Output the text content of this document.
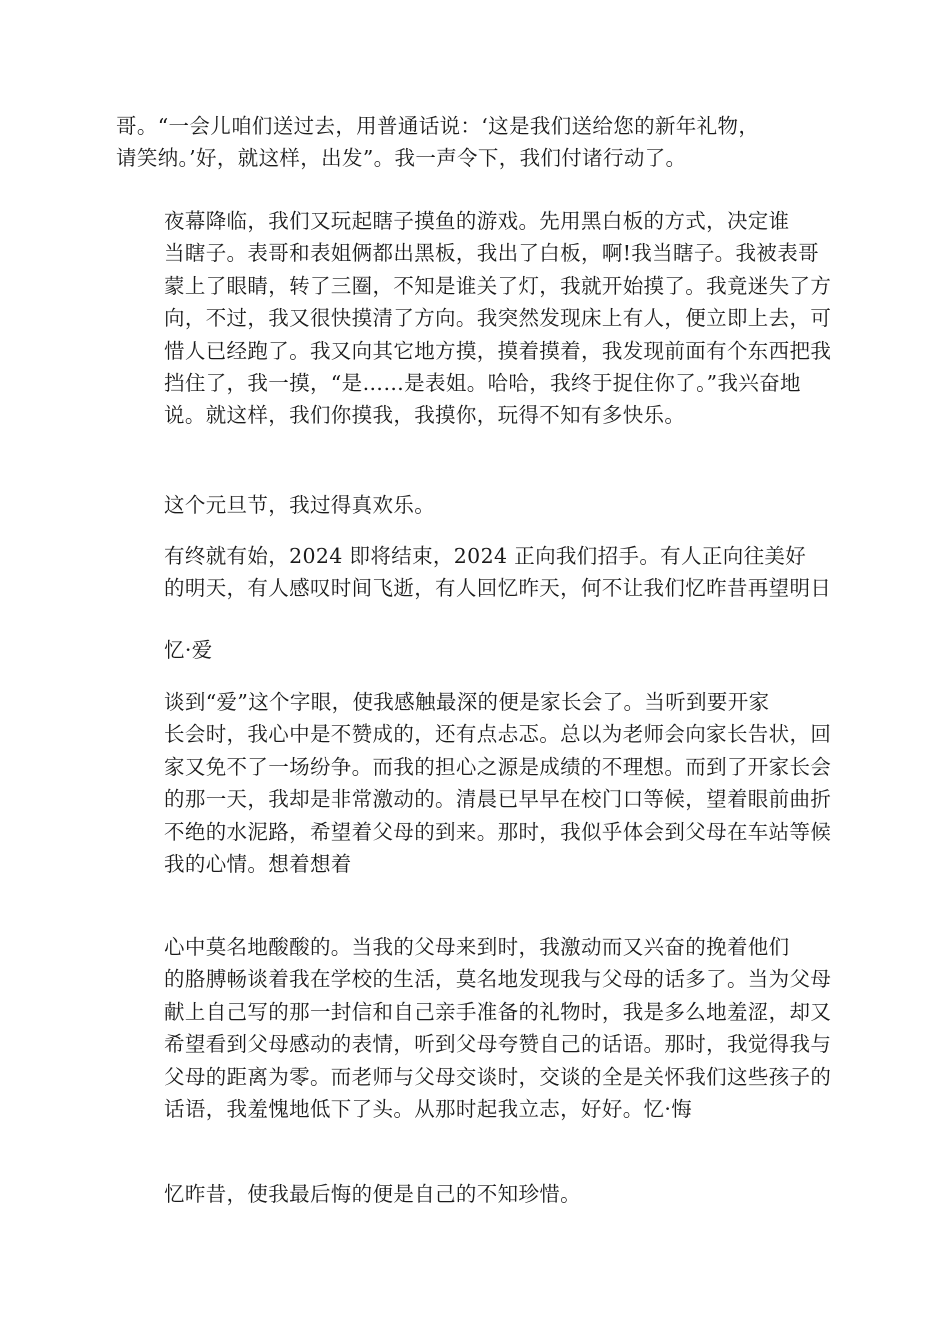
哥。“一会儿咱们送过去，用普通话说：‘这是我们送给您的新年礼物，
请笑纳。’好，就这样，出发”。我一声令下，我们付诸行动了。

夜幕降临，我们又玩起瞎子摸鱼的游戏。先用黑白板的方式，决定谁
当瞎子。表哥和表姐俩都出黑板，我出了白板，啊!我当瞎子。我被表哥
蒙上了眼睛，转了三圈，不知是谁关了灯，我就开始摸了。我竟迷失了方
向，不过，我又很快摸清了方向。我突然发现床上有人，便立即上去，可
惜人已经跑了。我又向其它地方摸，摸着摸着，我发现前面有个东西把我
挡住了，我一摸，“是……是表姐。哈哈，我终于捉住你了。”我兴奋地
说。就这样，我们你摸我，我摸你，玩得不知有多快乐。

这个元旦节，我过得真欢乐。

有终就有始，2024 即将结束，2024 正向我们招手。有人正向往美好
的明天，有人感叹时间飞逝，有人回忆昨天，何不让我们忆昨昔再望明日

忆·爱

谈到“爱”这个字眼，使我感触最深的便是家长会了。当听到要开家
长会时，我心中是不赞成的，还有点忐忑。总以为老师会向家长告状，回
家又免不了一场纷争。而我的担心之源是成绩的不理想。而到了开家长会
的那一天，我却是非常激动的。清晨已早早在校门口等候，望着眼前曲折
不绝的水泥路，希望着父母的到来。那时，我似乎体会到父母在车站等候
我的心情。想着想着

心中莫名地酸酸的。当我的父母来到时，我激动而又兴奋的挽着他们
的胳膊畅谈着我在学校的生活，莫名地发现我与父母的话多了。当为父母
献上自己写的那一封信和自己亲手准备的礼物时，我是多么地羞涩，却又
希望看到父母感动的表情，听到父母夸赞自己的话语。那时，我觉得我与
父母的距离为零。而老师与父母交谈时，交谈的全是关怀我们这些孩子的
话语，我羞愧地低下了头。从那时起我立志，好好。忆·悔

忆昨昔，使我最后悔的便是自己的不知珍惜。
